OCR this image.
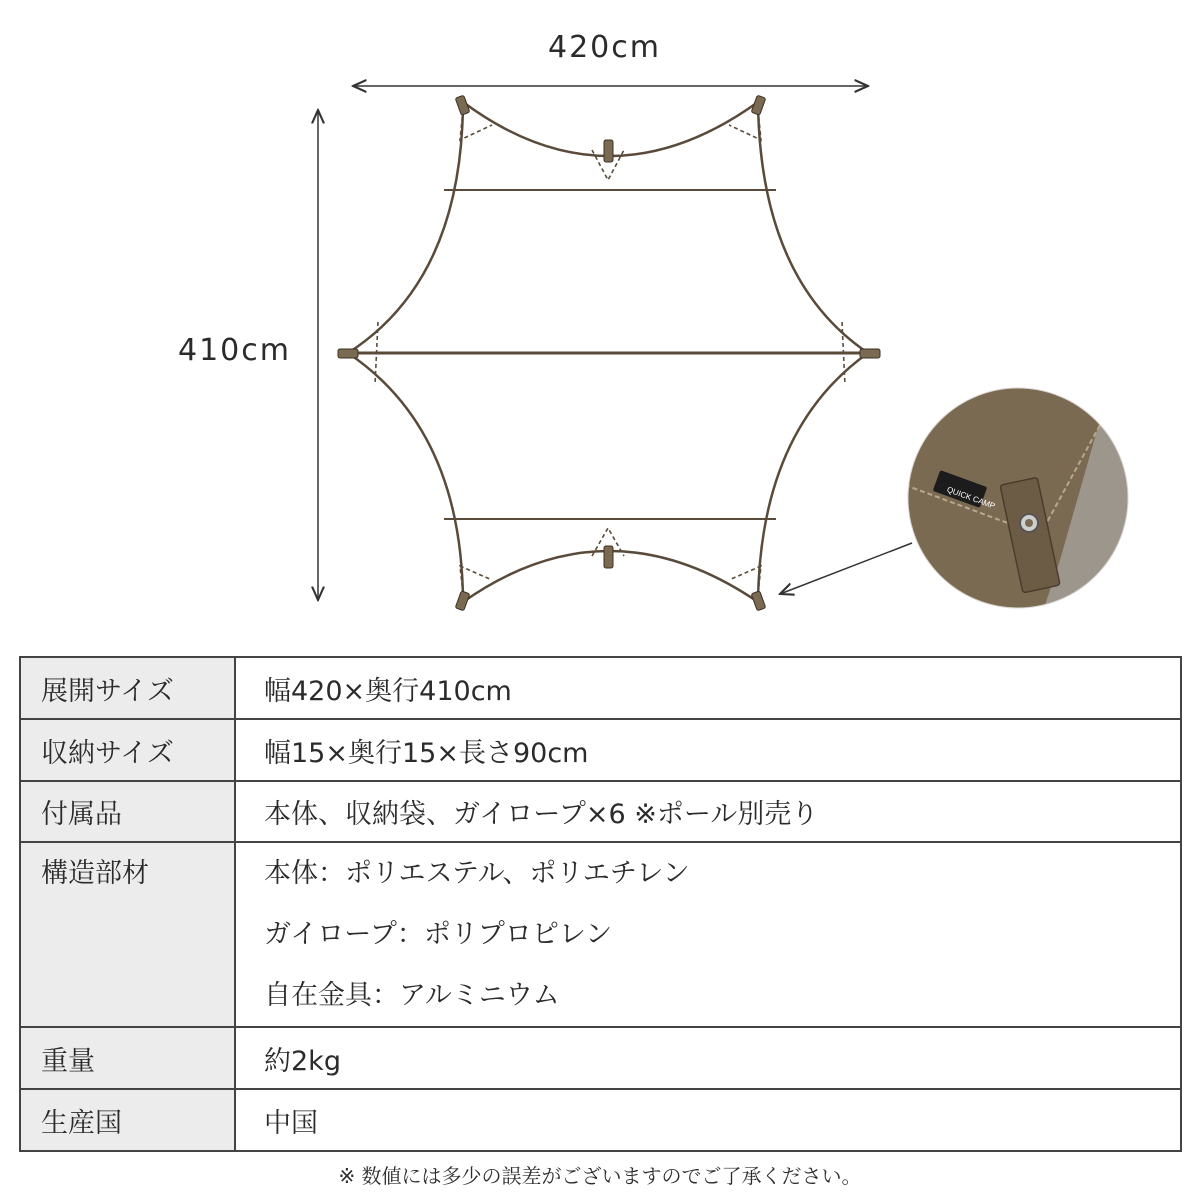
QUICK CAMP
420cm
410cm
展開サイズ	幅420×奥行410cm
収納サイズ	幅15×奥行15×長さ90cm
付属品	本体、収納袋、ガイロープ×6 ※ポール別売り

構造部材	本体：ポリエステル、ポリエチレン
ガイロープ：ポリプロピレン
自在金具：アルミニウム

重量	約2kg
生産国	中国
※ 数値には多少の誤差がございますのでご了承ください。
